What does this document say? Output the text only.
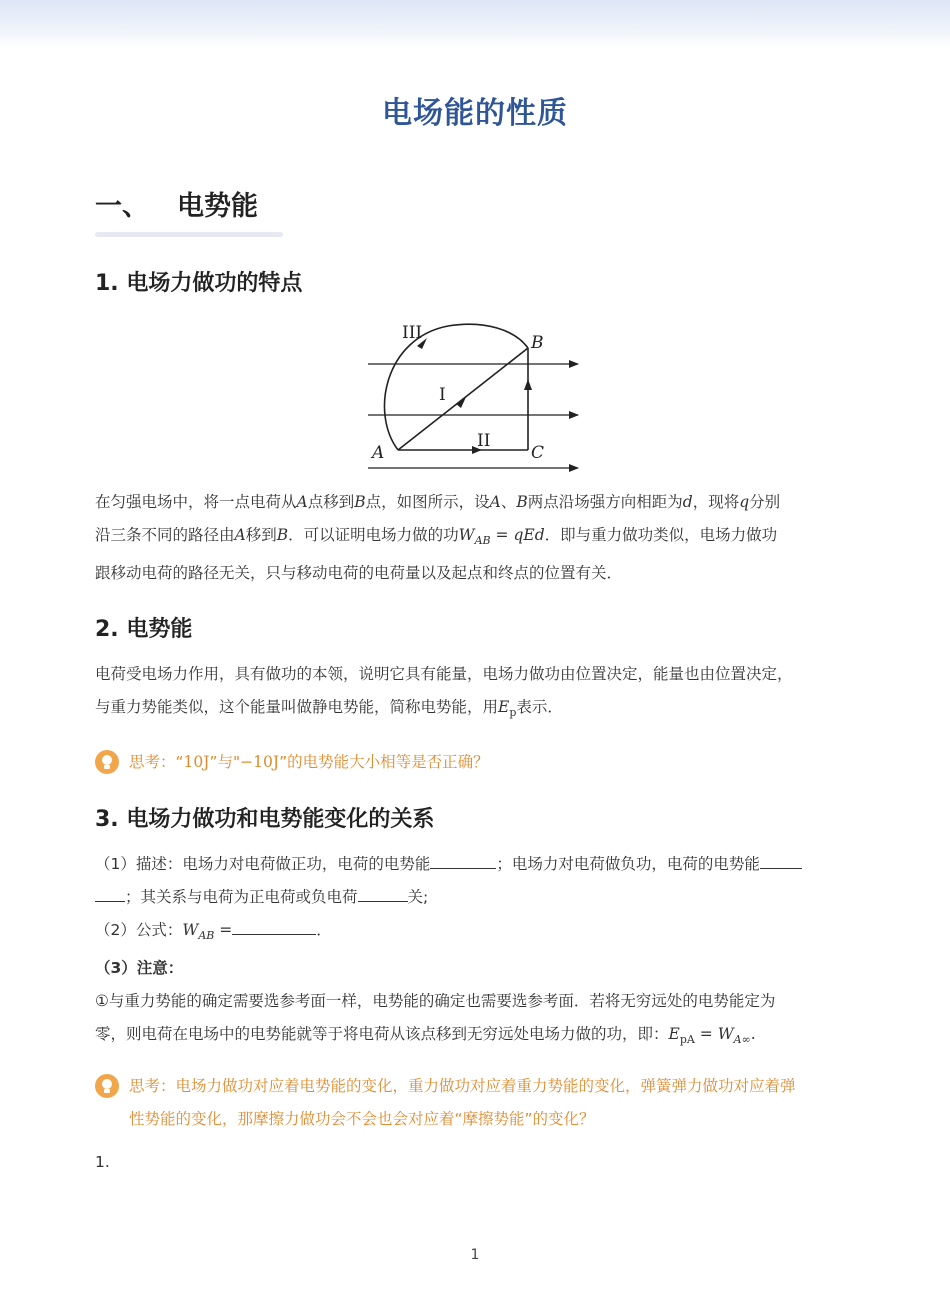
电场能的性质
一、 电势能
1. 电场力做功的特点
III
I
II
A
B
C

在匀强电场中，将一点电荷从A点移到B点，如图所示，设A、B两点沿场强方向相距为d，现将q分别

沿三条不同的路径由A移到B．可以证明电场力做的功$W_{AB}$ = qEd．即与重力做功类似，电场力做功

跟移动电荷的路径无关，只与移动电荷的电荷量以及起点和终点的位置有关．

2. 电势能

电荷受电场力作用，具有做功的本领，说明它具有能量，电场力做功由位置决定，能量也由位置决定，

与重力势能类似，这个能量叫做静电势能，简称电势能，用$E_p$表示．

思考：“10J”与"−10J”的电势能大小相等是否正确？
3. 电场力做功和电势能变化的关系

（1）描述：电场力对电荷做正功，电荷的电势能	；电场力对电荷做负功，电荷的电势能

；其关系与电荷为正电荷或负电荷	关;

（2）公式：$W_{AB}$ =	．

（3）注意：

①与重力势能的确定需要选参考面一样，电势能的确定也需要选参考面．若将无穷远处的电势能定为

零，则电荷在电场中的电势能就等于将电荷从该点移到无穷远处电场力做的功，即：$E_{pA} = W_{A\infty}$.

思考：电场力做功对应着电势能的变化，重力做功对应着重力势能的变化，弹簧弹力做功对应着弹
性势能的变化，那摩擦力做功会不会也会对应着“摩擦势能”的变化？
1.
1
